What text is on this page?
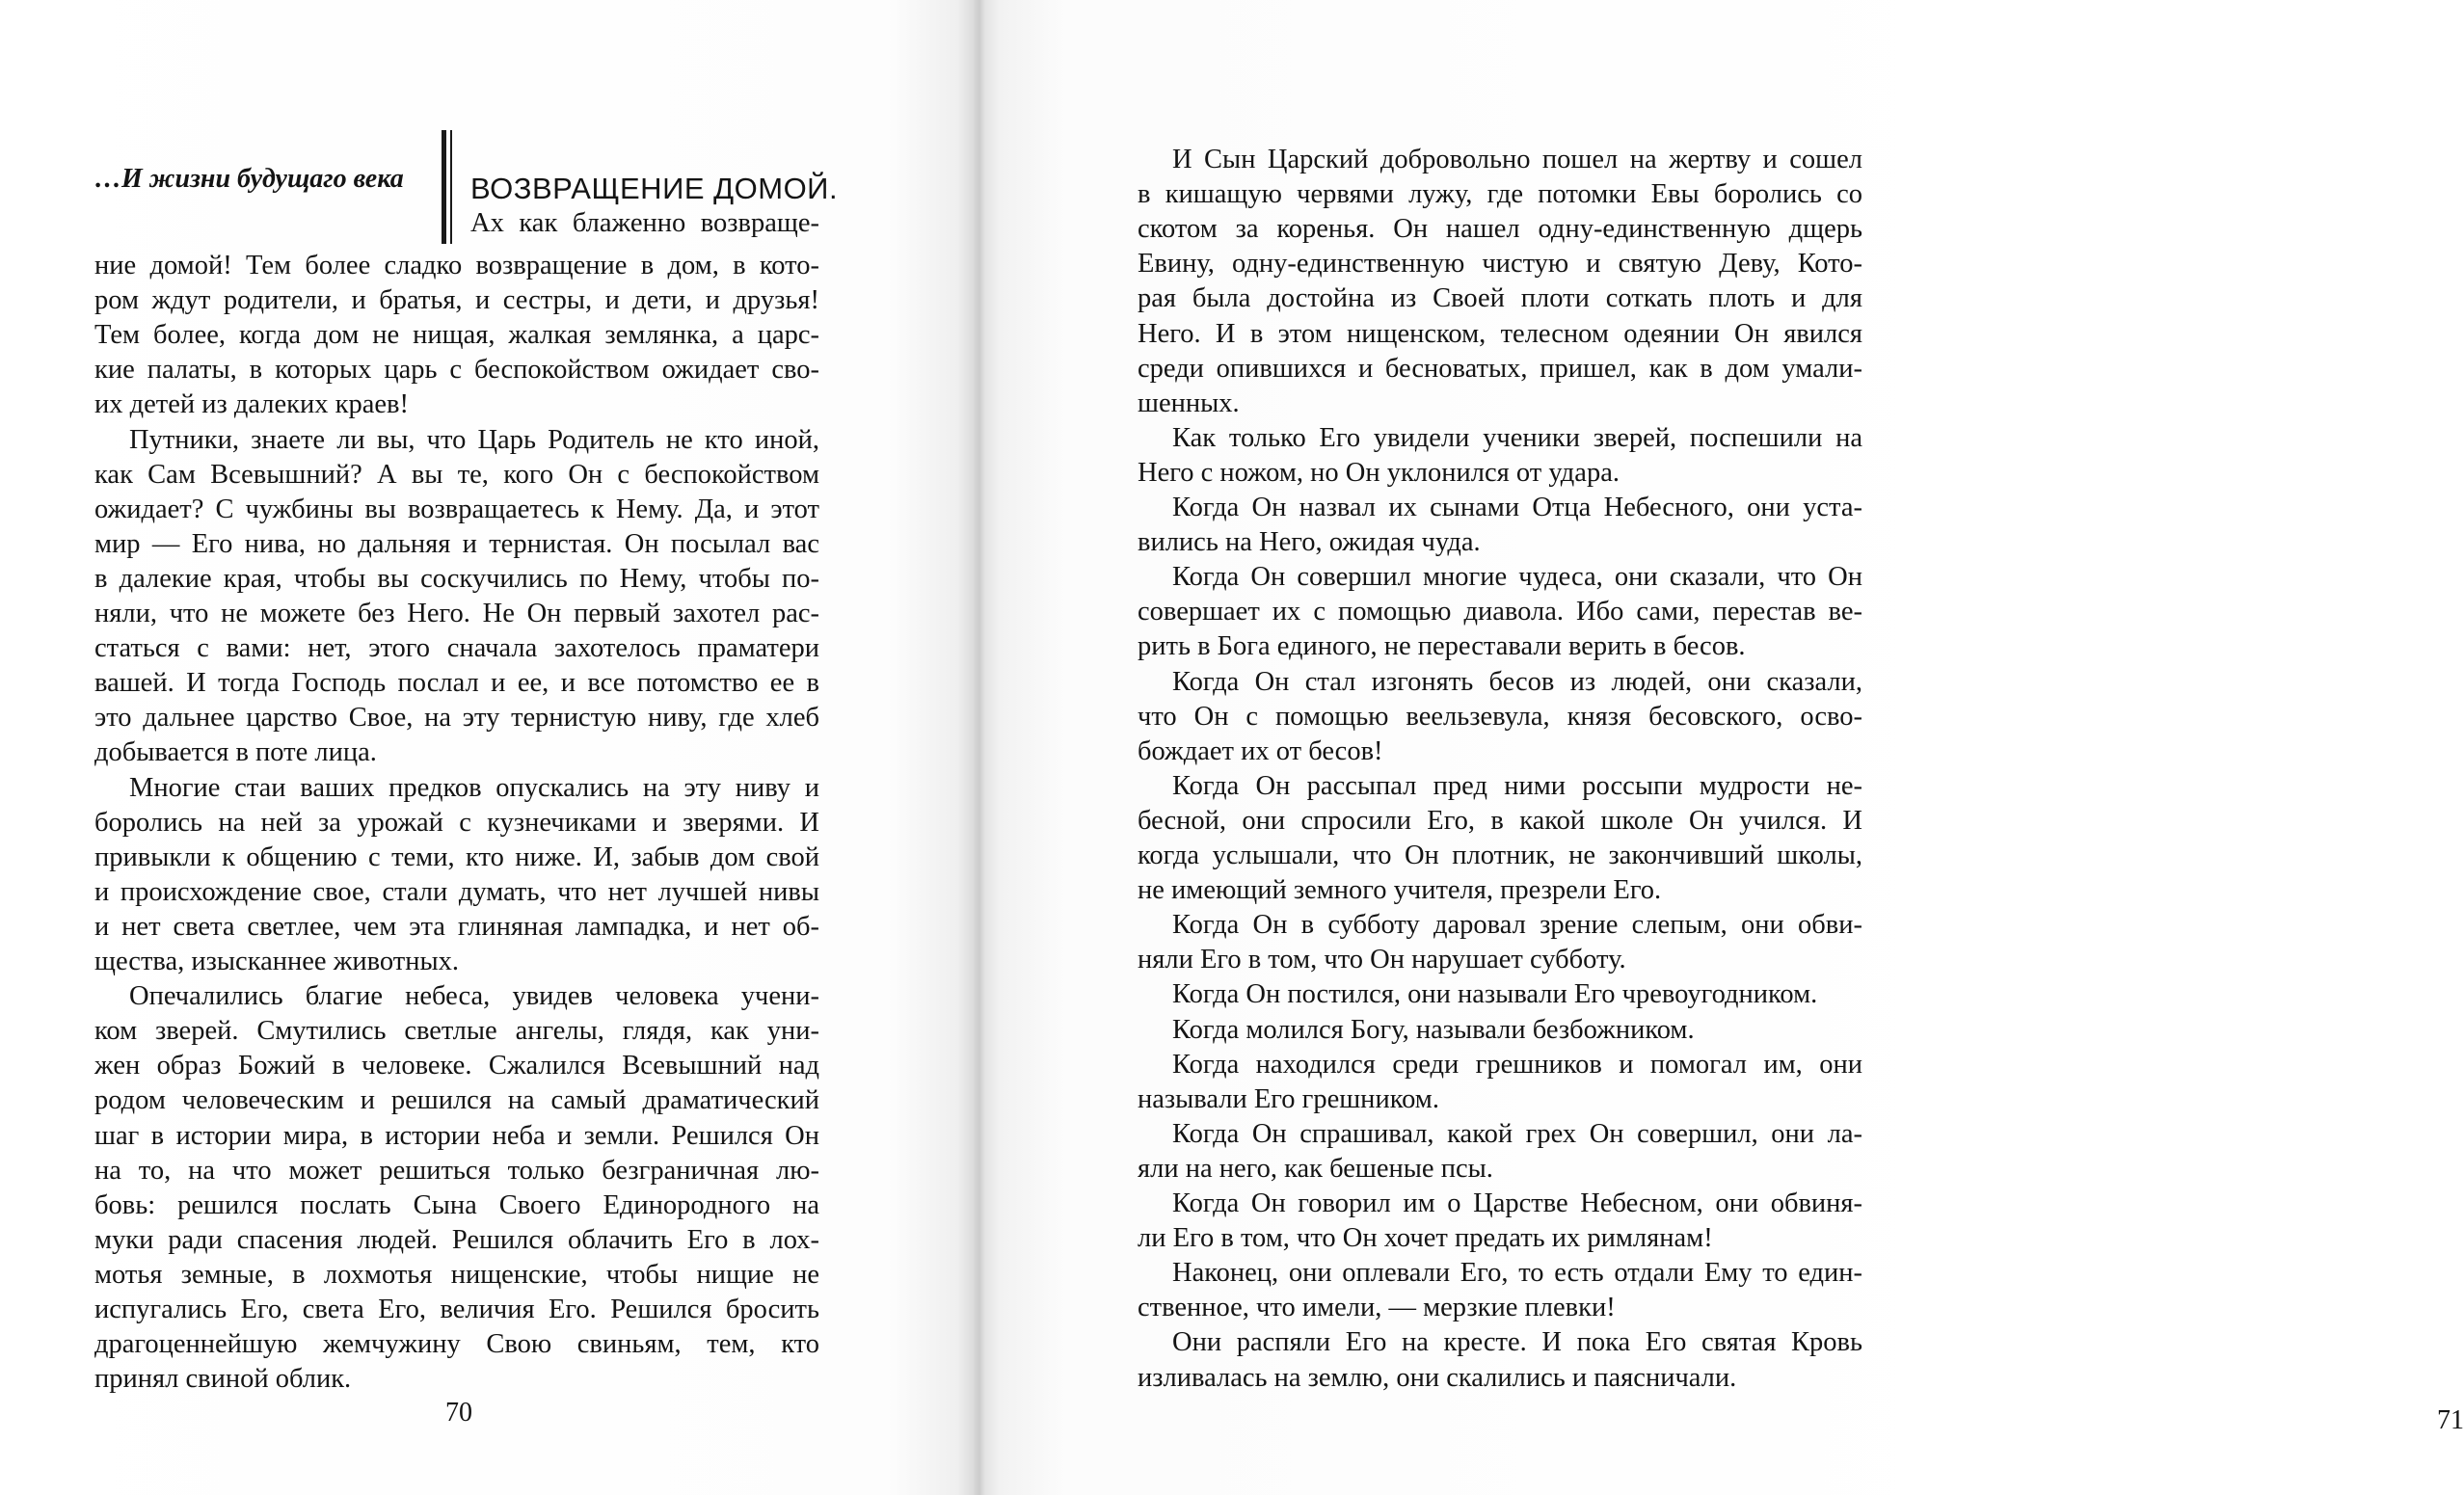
…И жизни будущаго века ВОЗВРАЩЕНИЕ ДОМОЙ.
Ах как блаженно возвраще-
ние домой! Тем более сладко возвращение в дом, в кото-
ром ждут родители, и братья, и сестры, и дети, и друзья!
Тем более, когда дом не нищая, жалкая землянка, а царс-
кие палаты, в которых царь с беспокойством ожидает сво-
их детей из далеких краев!
Путники, знаете ли вы, что Царь Родитель не кто иной,
как Сам Всевышний? А вы те, кого Он с беспокойством
ожидает? С чужбины вы возвращаетесь к Нему. Да, и этот
мир — Его нива, но дальняя и тернистая. Он посылал вас
в далекие края, чтобы вы соскучились по Нему, чтобы по-
няли, что не можете без Него. Не Он первый захотел рас-
статься с вами: нет, этого сначала захотелось праматери
вашей. И тогда Господь послал и ее, и все потомство ее в
это дальнее царство Свое, на эту тернистую ниву, где хлеб
добывается в поте лица.
Многие стаи ваших предков опускались на эту ниву и
боролись на ней за урожай с кузнечиками и зверями. И
привыкли к общению с теми, кто ниже. И, забыв дом свой
и происхождение свое, стали думать, что нет лучшей нивы
и нет света светлее, чем эта глиняная лампадка, и нет об-
щества, изысканнее животных.
Опечалились благие небеса, увидев человека учени-
ком зверей. Смутились светлые ангелы, глядя, как уни-
жен образ Божий в человеке. Сжалился Всевышний над
родом человеческим и решился на самый драматический
шаг в истории мира, в истории неба и земли. Решился Он
на то, на что может решиться только безграничная лю-
бовь: решился послать Сына Своего Единородного на
муки ради спасения людей. Решился облачить Его в лох-
мотья земные, в лохмотья нищенские, чтобы нищие не
испугались Его, света Его, величия Его. Решился бросить
драгоценнейшую жемчужину Свою свиньям, тем, кто
принял свиной облик.
70
И Сын Царский добровольно пошел на жертву и сошел
в кишащую червями лужу, где потомки Евы боролись со
скотом за коренья. Он нашел одну-единственную дщерь
Евину, одну-единственную чистую и святую Деву, Кото-
рая была достойна из Своей плоти соткать плоть и для
Него. И в этом нищенском, телесном одеянии Он явился
среди опившихся и бесноватых, пришел, как в дом умали-
шенных.
Как только Его увидели ученики зверей, поспешили на
Него с ножом, но Он уклонился от удара.
Когда Он назвал их сынами Отца Небесного, они уста-
вились на Него, ожидая чуда.
Когда Он совершил многие чудеса, они сказали, что Он
совершает их с помощью диавола. Ибо сами, перестав ве-
рить в Бога единого, не переставали верить в бесов.
Когда Он стал изгонять бесов из людей, они сказали,
что Он с помощью веельзевула, князя бесовского, осво-
бождает их от бесов!
Когда Он рассыпал пред ними россыпи мудрости не-
бесной, они спросили Его, в какой школе Он учился. И
когда услышали, что Он плотник, не закончивший школы,
не имеющий земного учителя, презрели Его.
Когда Он в субботу даровал зрение слепым, они обви-
няли Его в том, что Он нарушает субботу.
Когда Он постился, они называли Его чревоугодником.
Когда молился Богу, называли безбожником.
Когда находился среди грешников и помогал им, они
называли Его грешником.
Когда Он спрашивал, какой грех Он совершил, они ла-
яли на него, как бешеные псы.
Когда Он говорил им о Царстве Небесном, они обвиня-
ли Его в том, что Он хочет предать их римлянам!
Наконец, они оплевали Его, то есть отдали Ему то един-
ственное, что имели, — мерзкие плевки!
Они распяли Его на кресте. И пока Его святая Кровь
изливалась на землю, они скалились и паясничали.
71
